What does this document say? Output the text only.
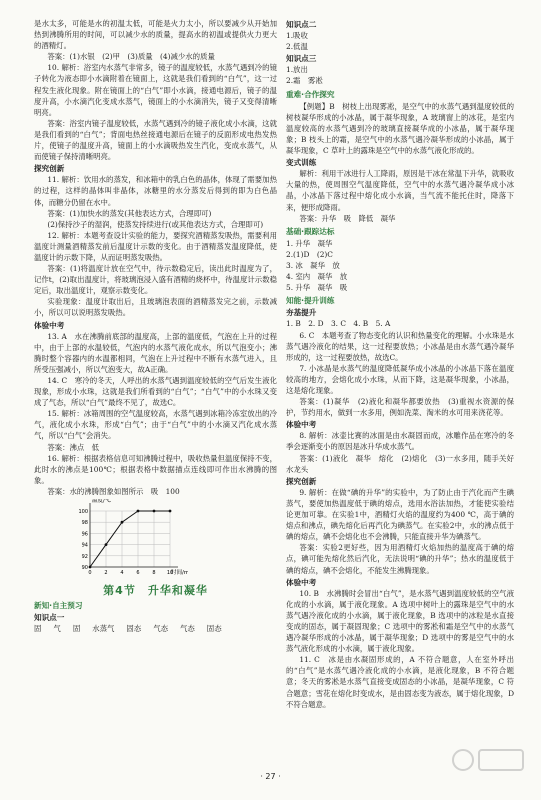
是水太多，可能是水的初温太低，可能是火力太小，所以要减少从开始加热到沸腾所用的时间，可以减少水的质量，提高水的初温或提供火力更大的酒精灯。
答案：(1)水银　(2)甲　(3)质量　(4)减少水的质量
10. 解析：浴室内水蒸气非常多，镜子的温度较低，水蒸气遇到冷的镜子转化为液态即小水滴附着在镜面上，这就是我们看到的“白气”，这一过程发生液化现象。附在镜面上的“白气”即小水滴，接通电源后，镜子的温度升高，小水滴汽化变成水蒸气，镜面上的小水滴消失，镜子又变得清晰明亮。
答案：浴室内镜子温度较低，水蒸气遇到冷的镜子液化成小水滴，这就是我们看到的“白气”；背面电热丝接通电源后在镜子的反面形成电热发热片，使镜子的温度升高，镜面上的小水滴吸热发生汽化，变成水蒸气，从而使镜子保持清晰明亮。
探究创新
11. 解析：饮用水的蒸发，和冰箱中的乳白色的晶体，体现了需要加热的过程，这样的晶体叫非晶体，冰糖里的水分蒸发后得到的即为白色晶体，而糖分仍留在水中。
答案：(1)加快水的蒸发(其他表达方式，合理即可)
(2)保持沙子的湿润，使蒸发持续进行(或其他表达方式，合理即可)
12. 解析：本题考查设计实验的能力，要探究酒精蒸发吸热，需要利用温度计测量酒精蒸发前后温度计示数的变化。由于酒精蒸发温度降低，使温度计的示数下降，从而证明蒸发吸热。
答案：(1)将温度计放在空气中，待示数稳定后，读出此时温度为了，记作t，(2)取出温度计，将玻璃泡浸入盛有酒精的烧杯中，待温度计示数稳定后，取出温度计，观察示数变化。
实验现象：温度计取出后，且玻璃泡表面的酒精蒸发完之前，示数减小，所以可以说明蒸发吸热。
体验中考
13. A　水在沸腾前底部的温度高，上部的温度低，气泡在上升的过程中，由于上部的水温较低，气泡内的水蒸气液化成水，所以气泡变小；沸腾时整个容器内的水温都相同，气泡在上升过程中不断有水蒸气进入，且所受压强减小，所以气泡变大，故A正确。
14. C　寒冷的冬天，人呼出的水蒸气遇到温度较低的空气后发生液化现象，形成小水珠，这就是我们所看到的“白气”；“白气”中的小水珠又变成了气态，所以“白气”最终不见了，故选C。
15. 解析：冰箱周围的空气温度较高，水蒸气遇到冰箱冷冻室放出的冷气，液化成小水珠，形成“白气”；由于“白气”中的小水滴又汽化成水蒸气，所以“白气”会消失。
答案：沸点　低
16. 解析：根据表格信息可知沸腾过程中，吸收热量但温度保持不变，此时水的沸点是100℃；根据表格中数据描点连线即可作出水沸腾的图象。
答案：水的沸腾图象如图所示　吸　100
0	2	4	6	8 10
90
92
94
96
98
100
温度/℃
时间/m
第4节　升华和凝华
新知·自主预习
知识点一
固 气 固 水蒸气 固态 气态 气态 固态
知识点二
1.吸收
2.低温
知识点三
1.放出
2.霜　雾凇
重难·合作探究
【例题】B　树枝上出现雾凇，是空气中的水蒸气遇到温度较低的树枝凝华形成的小冰晶，属于凝华现象，A 玻璃窗上的冰花，是室内温度较高的水蒸气遇到冷的玻璃直接凝华成的小冰晶，属于凝华现象；B 枝头上的霜，是空气中的水蒸气遇冷凝华形成的小冰晶，属于凝华现象，C 草叶上的露珠是空气中的水蒸气液化形成的。
变式训练
解析：利用干冰进行人工降雨，原因是干冰在常温下升华，就吸收大量的热，使周围空气温度降低，空气中的水蒸气遇冷凝华成小冰晶，小冰晶下落过程中熔化成小水滴，当气流不能托住时，降落下来，便形成降雨。
答案：升华　吸　降低　凝华
基础·跟踪达标
1. 升华　凝华
2.(1)D　(2)C
3. 冰　凝华　放
4. 室内　凝华　放
5. 升华　凝华　吸
知能·提升训练
夯基提升
1. B　2. D　3. C　4. B　5. A
6. C　本题考查了物态变化的认识和热量变化的理解。小水珠是水蒸气遇冷液化的结果，这一过程要放热；小冰晶是由水蒸气遇冷凝华形成的，这一过程要放热，故选C。
7. 小冰晶是水蒸气的温度降低凝华成小冰晶的小冰晶下落在温度较高的地方，会熔化成小水珠，从而下降，这是凝华现象，小冰晶，这是熔化现象。
答案：(1)凝华　(2)液化和凝华都要放热　(3)重视水资源的保护，节约用水，做到一水多用，例如洗菜、淘米的水可用来浇花等。
体验中考
8. 解析：冰壶比赛的冰面是由水凝固而成，冰雕作品在寒冷的冬季会逐渐变小的原因是冰升华成水蒸气。
答案：(1)液化　凝华　熔化　(2)熔化　(3)一水多用，随手关好水龙头
探究创新
9. 解析：在做“碘的升华”的实验中，为了防止由于汽化而产生碘蒸气，要使加热温度低于碘的熔点，选用水浴法加热，才能使实验结论更加可靠。在实验1中，酒精灯火焰的温度约为400 ℃，高于碘的熔点和沸点，碘先熔化后再汽化为碘蒸气。在实验2中，水的沸点低于碘的熔点，碘不会熔化也不会沸腾，只能直接升华为碘蒸气。
答案：实验2更好些，因为用酒精灯火焰加热的温度高于碘的熔点，碘可能先熔化然后汽化，无法说明“碘的升华”；热水的温度低于碘的熔点，碘不会熔化，不能发生沸腾现象。
体验中考
10. B　水沸腾时会冒出“白气”，是水蒸气遇到温度较低的空气液化成的小水滴，属于液化现象。A 选项中树叶上的露珠是空气中的水蒸气遇冷液化成的小水滴，属于液化现象，B 选项中的冰粒是水直接变成的固态，属于凝固现象；C 选项中的雾凇和霜是空气中的水蒸气遇冷凝华形成的小冰晶，属于凝华现象；D 选项中的雾是空气中的水蒸气液化形成的小水滴，属于液化现象。
11. C　冰是由水凝固形成的，A 不符合题意，人在室外呼出的“白气”是水蒸气遇冷液化成的小水滴，是液化现象，B 不符合题意；冬天的雾凇是水蒸气直接变成固态的小冰晶，是凝华现象，C 符合题意；雪花在熔化时变成水，是由固态变为液态，属于熔化现象，D 不符合题意。
· 27 ·
